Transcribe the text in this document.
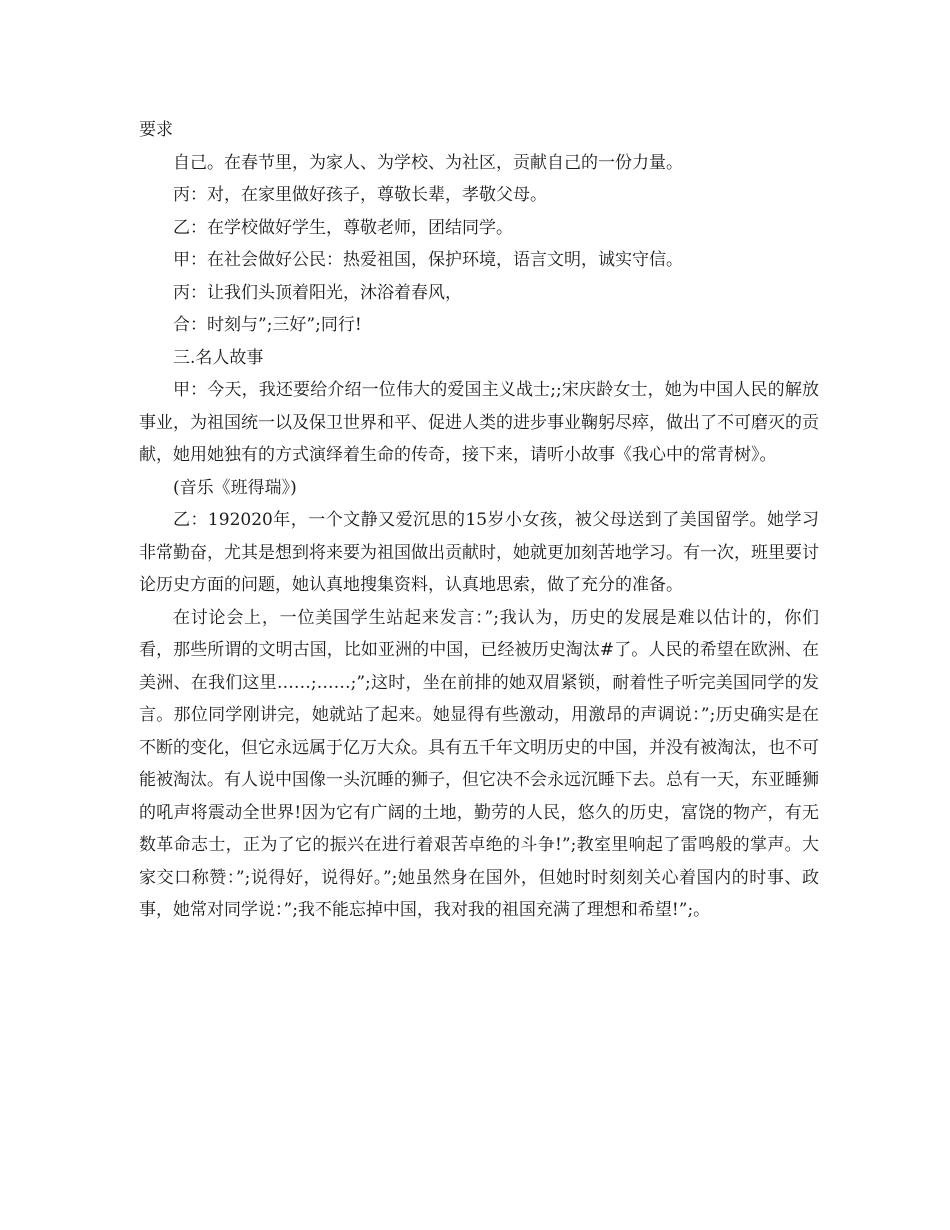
要求

自己。在春节里，为家人、为学校、为社区，贡献自己的一份力量。

丙：对，在家里做好孩子，尊敬长辈，孝敬父母。

乙：在学校做好学生，尊敬老师，团结同学。

甲：在社会做好公民：热爱祖国，保护环境，语言文明，诚实守信。

丙：让我们头顶着阳光，沐浴着春风，

合：时刻与”;三好”;同行!

三.名人故事

甲：今天，我还要给介绍一位伟大的爱国主义战士;;宋庆龄女士，她为中国人民的解放事业，为祖国统一以及保卫世界和平、促进人类的进步事业鞠躬尽瘁，做出了不可磨灭的贡献，她用她独有的方式演绎着生命的传奇，接下来，请听小故事《我心中的常青树》。

(音乐《班得瑞》)

乙：192020年，一个文静又爱沉思的15岁小女孩，被父母送到了美国留学。她学习非常勤奋，尤其是想到将来要为祖国做出贡献时，她就更加刻苦地学习。有一次，班里要讨论历史方面的问题，她认真地搜集资料，认真地思索，做了充分的准备。

在讨论会上，一位美国学生站起来发言：”;我认为，历史的发展是难以估计的，你们看，那些所谓的文明古国，比如亚洲的中国，已经被历史淘汰#了。人民的希望在欧洲、在美洲、在我们这里……;……;”;这时，坐在前排的她双眉紧锁，耐着性子听完美国同学的发言。那位同学刚讲完，她就站了起来。她显得有些激动，用激昂的声调说：”;历史确实是在不断的变化，但它永远属于亿万大众。具有五千年文明历史的中国，并没有被淘汰，也不可能被淘汰。有人说中国像一头沉睡的狮子，但它决不会永远沉睡下去。总有一天，东亚睡狮的吼声将震动全世界!因为它有广阔的土地，勤劳的人民，悠久的历史，富饶的物产，有无数革命志士，正为了它的振兴在进行着艰苦卓绝的斗争!”;教室里响起了雷鸣般的掌声。大家交口称赞：”;说得好，说得好。”;她虽然身在国外，但她时时刻刻关心着国内的时事、政事，她常对同学说：”;我不能忘掉中国，我对我的祖国充满了理想和希望!”;。
